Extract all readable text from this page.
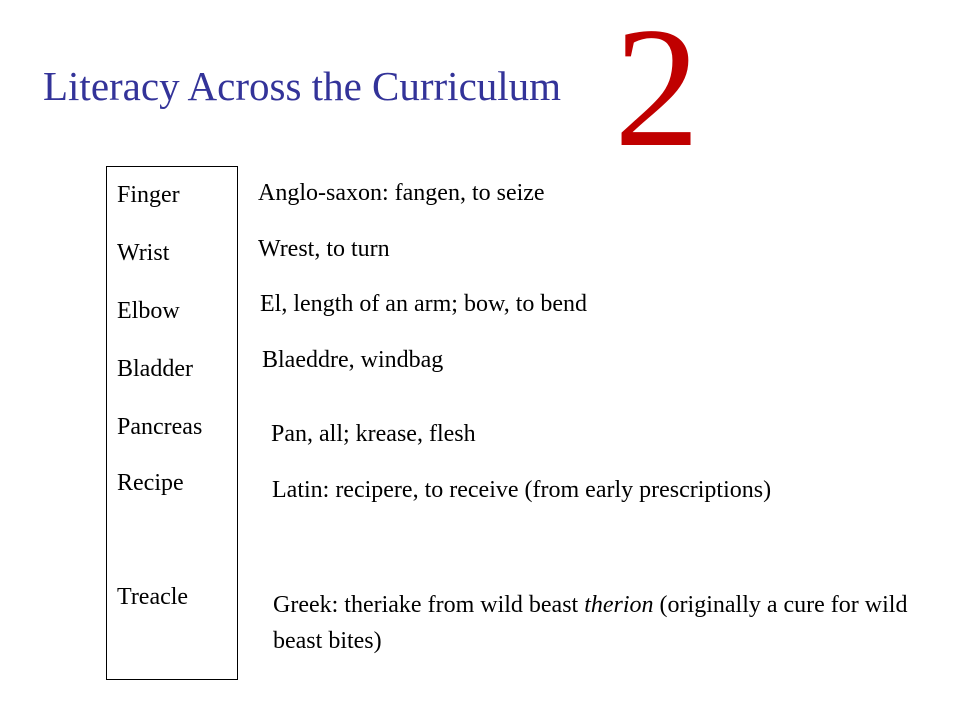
Literacy Across the Curriculum 2
Finger
Wrist
Elbow
Bladder
Pancreas
Recipe
Treacle
Anglo-saxon: fangen, to seize
Wrest, to turn
El, length of an arm; bow, to bend
Blaeddre, windbag
Pan, all; krease, flesh
Latin: recipere, to receive (from early prescriptions)
Greek: theriake from wild beast therion (originally a cure for wild beast bites)
